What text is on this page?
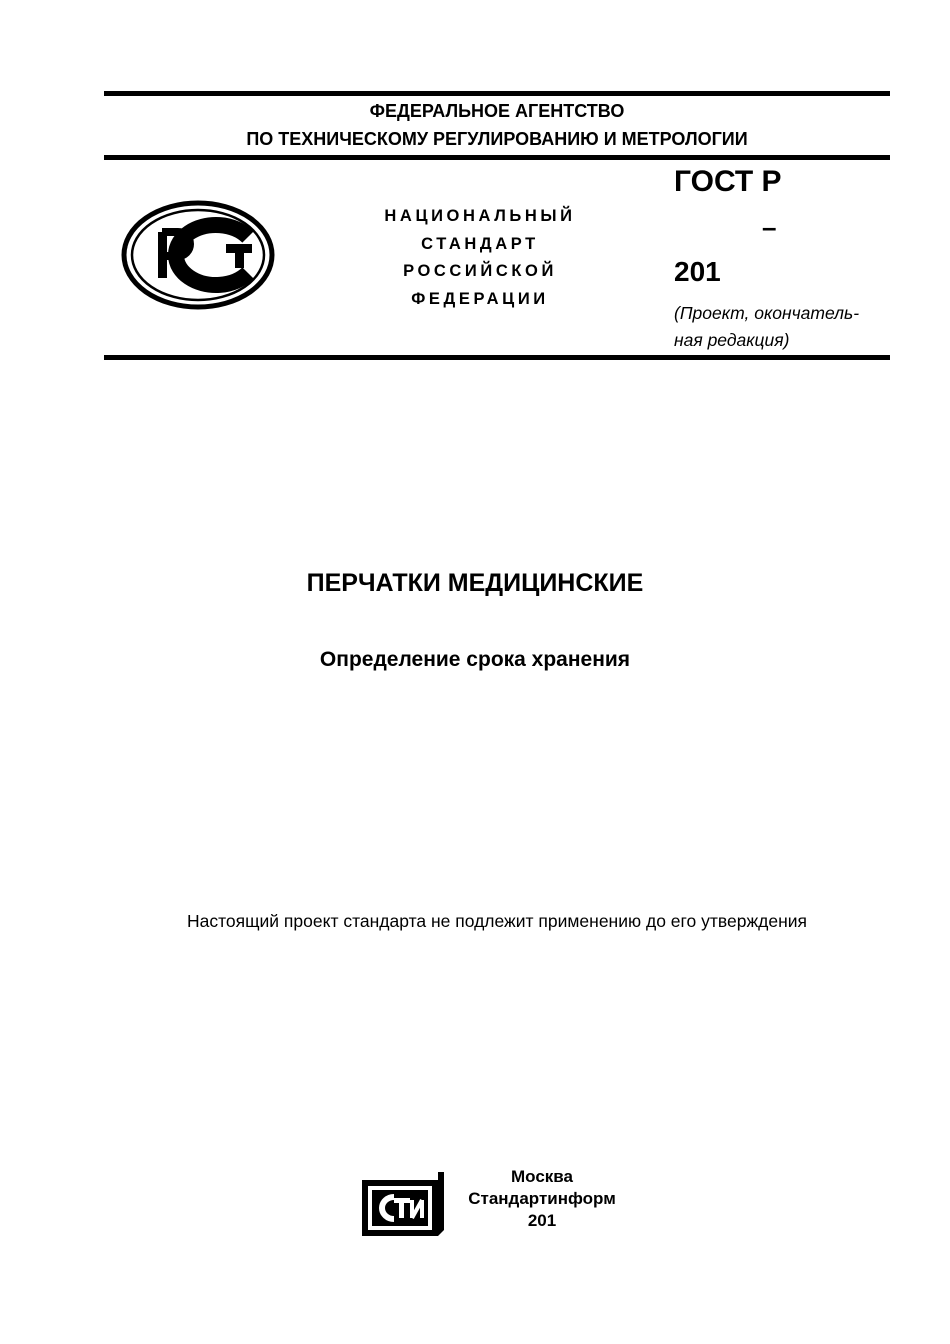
ФЕДЕРАЛЬНОЕ АГЕНТСТВО
ПО ТЕХНИЧЕСКОМУ РЕГУЛИРОВАНИЮ И МЕТРОЛОГИИ
НАЦИОНАЛЬНЫЙ
СТАНДАРТ
РОССИЙСКОЙ
ФЕДЕРАЦИИ
ГОСТ Р
–
201
(Проект, окончатель-
ная редакция)
ПЕРЧАТКИ МЕДИЦИНСКИЕ
Определение срока хранения
Настоящий проект стандарта не подлежит применению до его утверждения
Москва
Стандартинформ
201
